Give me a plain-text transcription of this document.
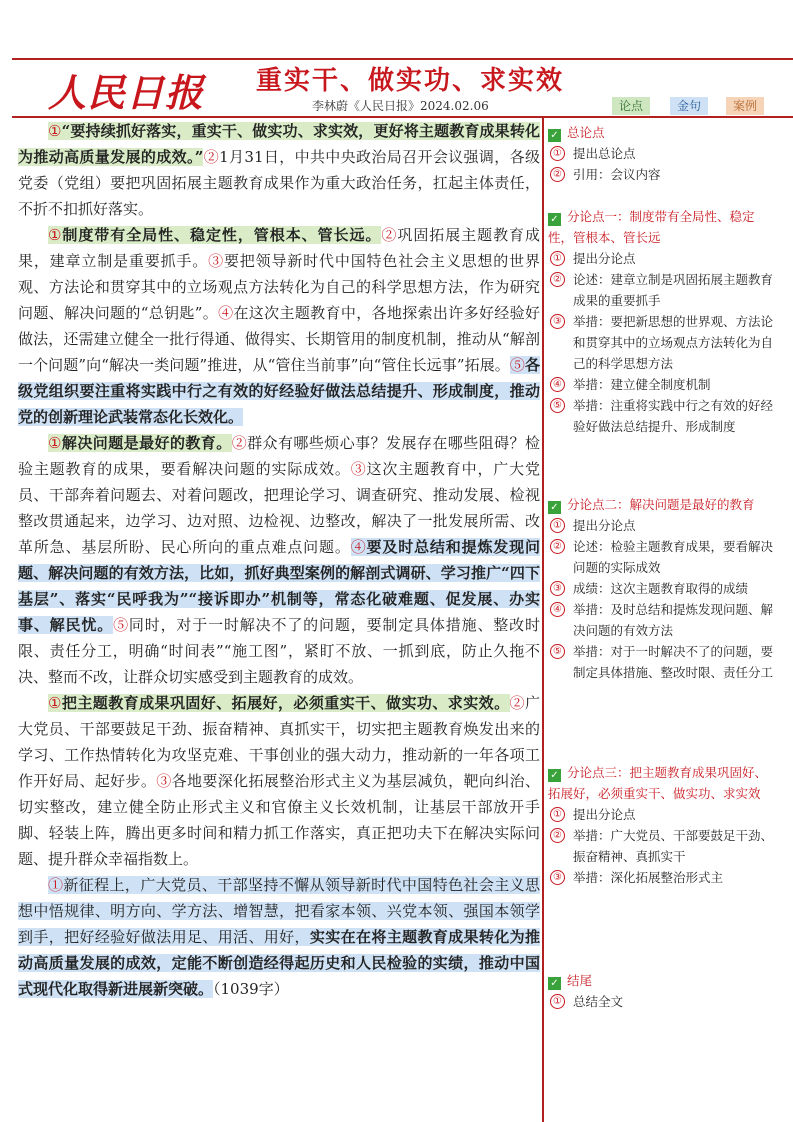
人民日报 重实干、做实功、求实效
李林蔚《人民日报》2024.02.06	论点	金句	案例

①“要持续抓好落实，重实干、做实功、求实效，更好将主题教育成果转化为推动高质量发展的成效。”②1月31日，中共中央政治局召开会议强调，各级党委（党组）要把巩固拓展主题教育成果作为重大政治任务，扛起主体责任，不折不扣抓好落实。

①制度带有全局性、稳定性，管根本、管长远。②巩固拓展主题教育成果，建章立制是重要抓手。③要把领导新时代中国特色社会主义思想的世界观、方法论和贯穿其中的立场观点方法转化为自己的科学思想方法，作为研究问题、解决问题的“总钥匙”。④在这次主题教育中，各地探索出许多好经验好做法，还需建立健全一批行得通、做得实、长期管用的制度机制，推动从“解剖一个问题”向“解决一类问题”推进，从“管住当前事”向“管住长远事”拓展。⑤各级党组织要注重将实践中行之有效的好经验好做法总结提升、形成制度，推动党的创新理论武装常态化长效化。

①解决问题是最好的教育。②群众有哪些烦心事？发展存在哪些阻碍？检验主题教育的成果，要看解决问题的实际成效。③这次主题教育中，广大党员、干部奔着问题去、对着问题改，把理论学习、调查研究、推动发展、检视整改贯通起来，边学习、边对照、边检视、边整改，解决了一批发展所需、改革所急、基层所盼、民心所向的重点难点问题。④要及时总结和提炼发现问题、解决问题的有效方法，比如，抓好典型案例的解剖式调研、学习推广“四下基层”、落实“民呼我为”“接诉即办”机制等，常态化破难题、促发展、办实事、解民忧。⑤同时，对于一时解决不了的问题，要制定具体措施、整改时限、责任分工，明确“时间表”“施工图”，紧盯不放、一抓到底，防止久拖不决、整而不改，让群众切实感受到主题教育的成效。

①把主题教育成果巩固好、拓展好，必须重实干、做实功、求实效。②广大党员、干部要鼓足干劲、振奋精神、真抓实干，切实把主题教育焕发出来的学习、工作热情转化为攻坚克难、干事创业的强大动力，推动新的一年各项工作开好局、起好步。③各地要深化拓展整治形式主义为基层减负，靶向纠治、切实整改，建立健全防止形式主义和官僚主义长效机制，让基层干部放开手脚、轻装上阵，腾出更多时间和精力抓工作落实，真正把功夫下在解决实际问题、提升群众幸福指数上。

①新征程上，广大党员、干部坚持不懈从领导新时代中国特色社会主义思想中悟规律、明方向、学方法、增智慧，把看家本领、兴党本领、强国本领学到手，把好经验好做法用足、用活、用好，实实在在将主题教育成果转化为推动高质量发展的成效，定能不断创造经得起历史和人民检验的实绩，推动中国式现代化取得新进展新突破。（1039字）

✓ 总论点
① 提出总论点
② 引用：会议内容
✓ 分论点一：制度带有全局性、稳定性，管根本、管长远
① 提出分论点
② 论述：建章立制是巩固拓展主题教育成果的重要抓手
③ 举措：要把新思想的世界观、方法论和贯穿其中的立场观点方法转化为自己的科学思想方法
④ 举措：建立健全制度机制
⑤ 举措：注重将实践中行之有效的好经验好做法总结提升、形成制度
✓ 分论点二：解决问题是最好的教育
① 提出分论点
② 论述：检验主题教育成果，要看解决问题的实际成效
③ 成绩：这次主题教育取得的成绩
④ 举措：及时总结和提炼发现问题、解决问题的有效方法
⑤ 举措：对于一时解决不了的问题，要制定具体措施、整改时限、责任分工
✓ 分论点三：把主题教育成果巩固好、拓展好，必须重实干、做实功、求实效
① 提出分论点
② 举措：广大党员、干部要鼓足干劲、振奋精神、真抓实干
③ 举措：深化拓展整治形式主
✓ 结尾
① 总结全文
